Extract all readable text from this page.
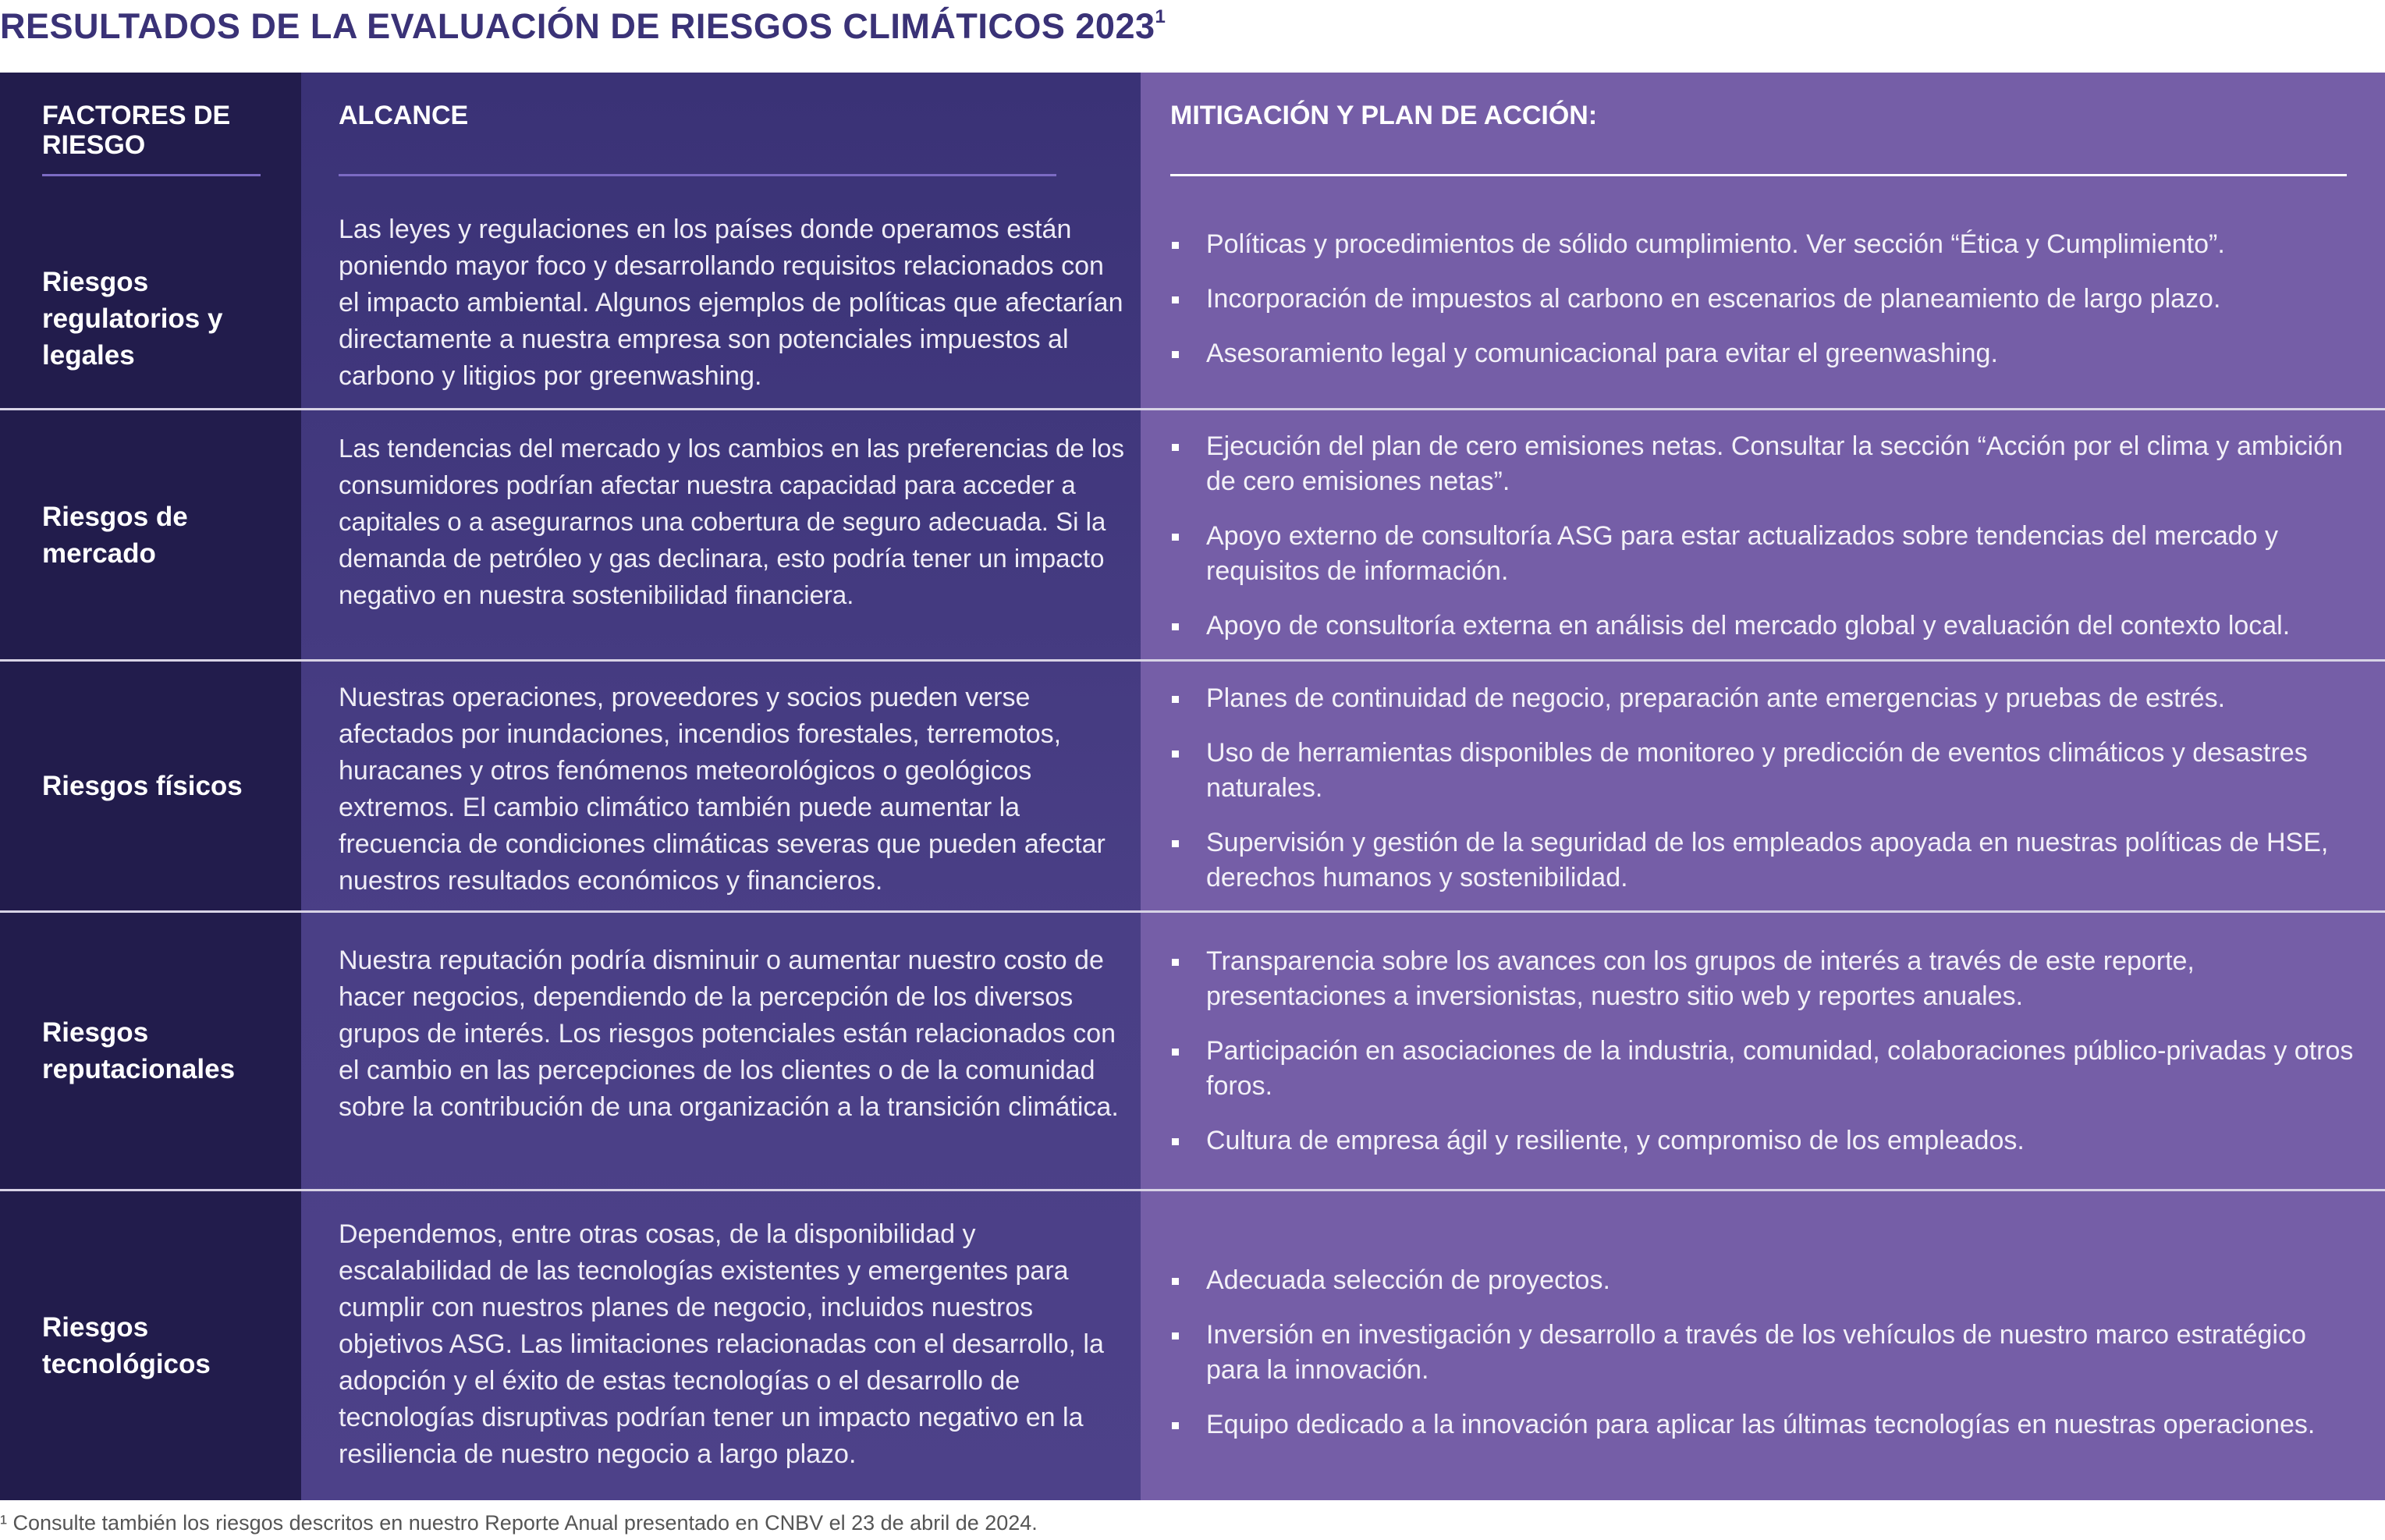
RESULTADOS DE LA EVALUACIÓN DE RIESGOS CLIMÁTICOS 2023$^1$
FACTORES DE RIESGO
ALCANCE	MITIGACIÓN Y PLAN DE ACCIÓN:
Riesgos regulatorios y legales
Las leyes y regulaciones en los países donde operamos están poniendo mayor foco y desarrollando requisitos relacionados con el impacto ambiental. Algunos ejemplos de políticas que afectarían directamente a nuestra empresa son potenciales impuestos al carbono y litigios por greenwashing.
Políticas y procedimientos de sólido cumplimiento. Ver sección “Ética y Cumplimiento”.
Incorporación de impuestos al carbono en escenarios de planeamiento de largo plazo.
Asesoramiento legal y comunicacional para evitar el greenwashing.
Riesgos de mercado
Las tendencias del mercado y los cambios en las preferencias de los consumidores podrían afectar nuestra capacidad para acceder a capitales o a asegurarnos una cobertura de seguro adecuada. Si la demanda de petróleo y gas declinara, esto podría tener un impacto negativo en nuestra sostenibilidad financiera.
Ejecución del plan de cero emisiones netas. Consultar la sección “Acción por el clima y ambición de cero emisiones netas”.
Apoyo externo de consultoría ASG para estar actualizados sobre tendencias del mercado y requisitos de información.
Apoyo de consultoría externa en análisis del mercado global y evaluación del contexto local.
Riesgos físicos
Nuestras operaciones, proveedores y socios pueden verse afectados por inundaciones, incendios forestales, terremotos, huracanes y otros fenómenos meteorológicos o geológicos extremos. El cambio climático también puede aumentar la frecuencia de condiciones climáticas severas que pueden afectar nuestros resultados económicos y financieros.
Planes de continuidad de negocio, preparación ante emergencias y pruebas de estrés.
Uso de herramientas disponibles de monitoreo y predicción de eventos climáticos y desastres naturales.
Supervisión y gestión de la seguridad de los empleados apoyada en nuestras políticas de HSE, derechos humanos y sostenibilidad.
Riesgos reputacionales
Nuestra reputación podría disminuir o aumentar nuestro costo de hacer negocios, dependiendo de la percepción de los diversos grupos de interés. Los riesgos potenciales están relacionados con el cambio en las percepciones de los clientes o de la comunidad sobre la contribución de una organización a la transición climática.
Transparencia sobre los avances con los grupos de interés a través de este reporte, presentaciones a inversionistas, nuestro sitio web y reportes anuales.
Participación en asociaciones de la industria, comunidad, colaboraciones público-privadas y otros foros.
Cultura de empresa ágil y resiliente, y compromiso de los empleados.
Riesgos tecnológicos
Dependemos, entre otras cosas, de la disponibilidad y escalabilidad de las tecnologías existentes y emergentes para cumplir con nuestros planes de negocio, incluidos nuestros objetivos ASG. Las limitaciones relacionadas con el desarrollo, la adopción y el éxito de estas tecnologías o el desarrollo de tecnologías disruptivas podrían tener un impacto negativo en la resiliencia de nuestro negocio a largo plazo.
Adecuada selección de proyectos.
Inversión en investigación y desarrollo a través de los vehículos de nuestro marco estratégico para la innovación.
Equipo dedicado a la innovación para aplicar las últimas tecnologías en nuestras operaciones.
¹ Consulte también los riesgos descritos en nuestro Reporte Anual presentado en CNBV el 23 de abril de 2024.
